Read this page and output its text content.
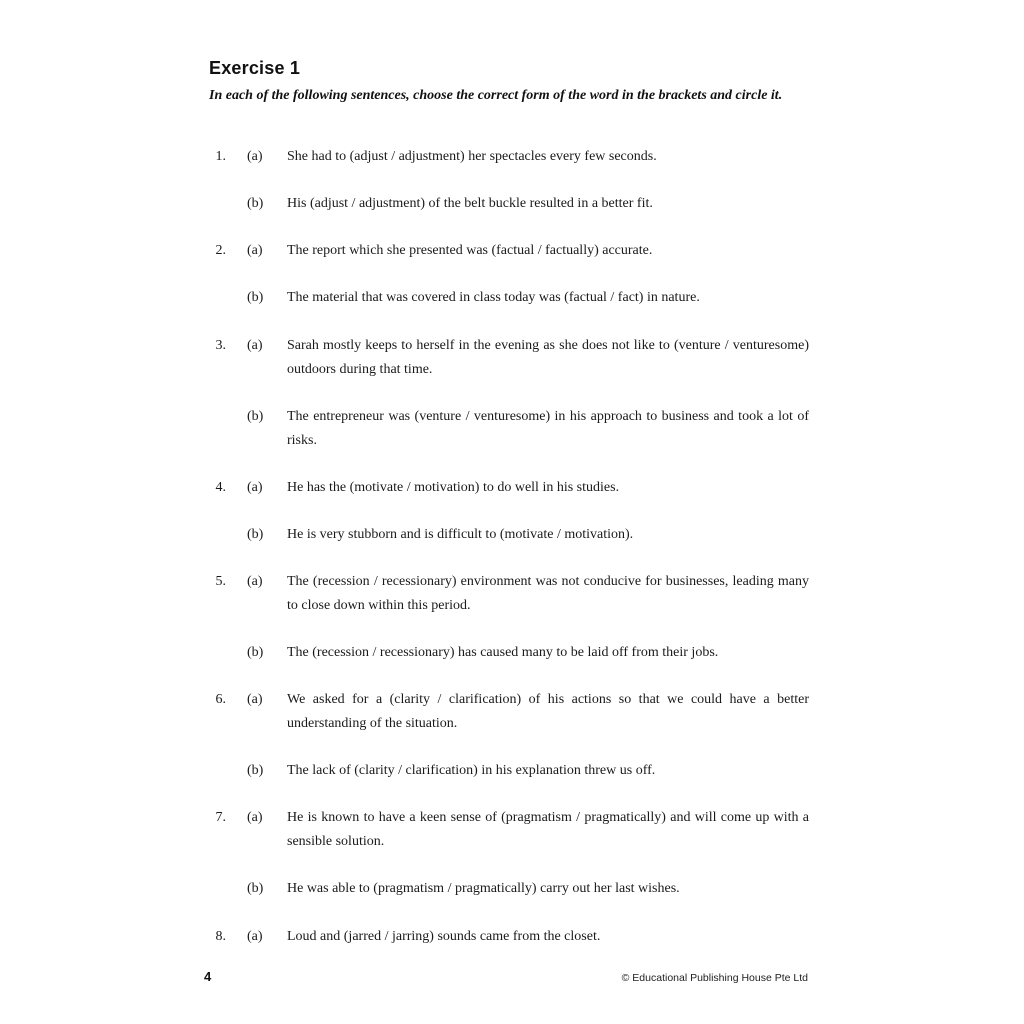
Exercise 1
In each of the following sentences, choose the correct form of the word in the brackets and circle it.
1. (a) She had to (adjust / adjustment) her spectacles every few seconds.
(b) His (adjust / adjustment) of the belt buckle resulted in a better fit.
2. (a) The report which she presented was (factual / factually) accurate.
(b) The material that was covered in class today was (factual / fact) in nature.
3. (a) Sarah mostly keeps to herself in the evening as she does not like to (venture / venturesome) outdoors during that time.
(b) The entrepreneur was (venture / venturesome) in his approach to business and took a lot of risks.
4. (a) He has the (motivate / motivation) to do well in his studies.
(b) He is very stubborn and is difficult to (motivate / motivation).
5. (a) The (recession / recessionary) environment was not conducive for businesses, leading many to close down within this period.
(b) The (recession / recessionary) has caused many to be laid off from their jobs.
6. (a) We asked for a (clarity / clarification) of his actions so that we could have a better understanding of the situation.
(b) The lack of (clarity / clarification) in his explanation threw us off.
7. (a) He is known to have a keen sense of (pragmatism / pragmatically) and will come up with a sensible solution.
(b) He was able to (pragmatism / pragmatically) carry out her last wishes.
8. (a) Loud and (jarred / jarring) sounds came from the closet.
4	© Educational Publishing House Pte Ltd
